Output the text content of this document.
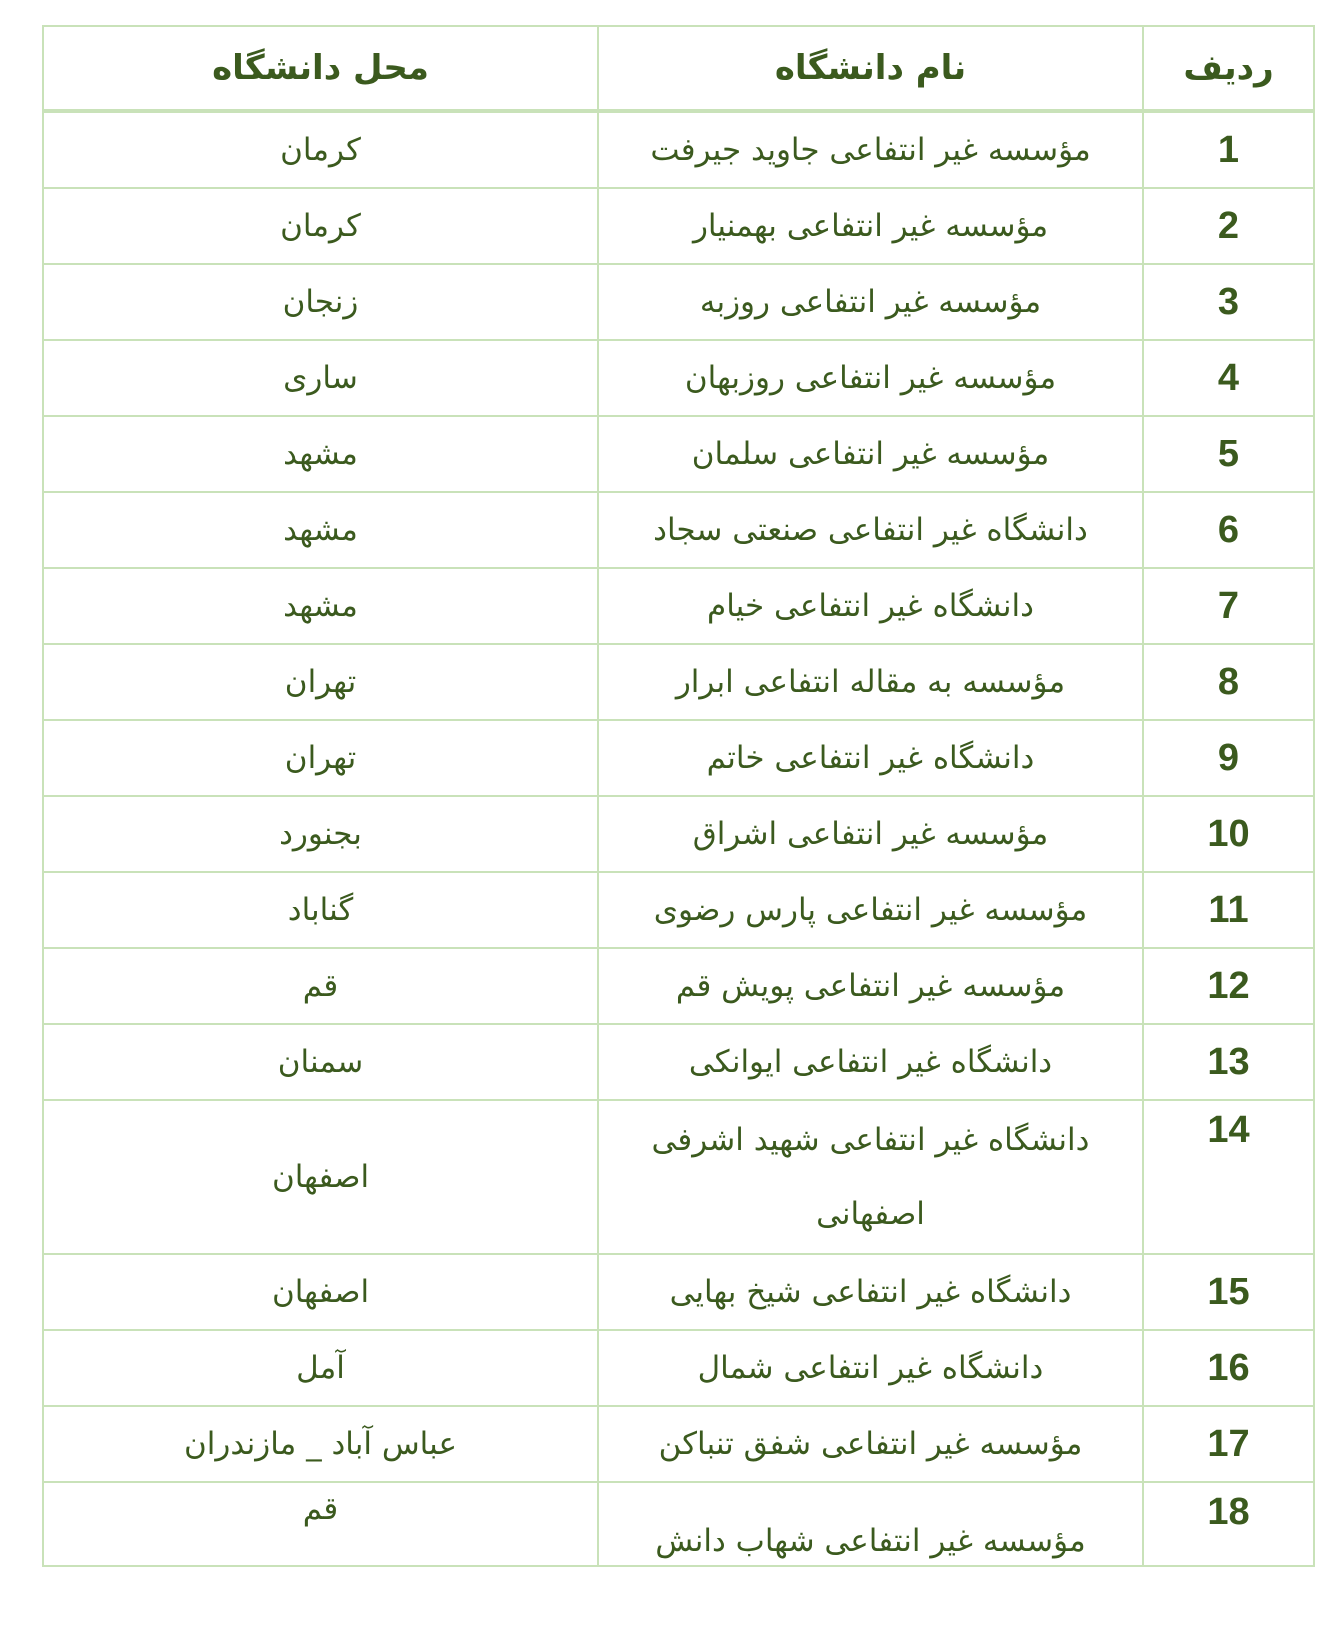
ردیف	نام دانشگاه	محل دانشگاه
1	مؤسسه غیر انتفاعی جاوید جیرفت	کرمان
2	مؤسسه غیر انتفاعی بهمنیار	کرمان
3	مؤسسه غیر انتفاعی روزبه	زنجان
4	مؤسسه غیر انتفاعی روزبهان	ساری
5	مؤسسه غیر انتفاعی سلمان	مشهد
6	دانشگاه غیر انتفاعی صنعتی سجاد	مشهد
7	دانشگاه غیر انتفاعی خیام	مشهد
8	مؤسسه به مقاله انتفاعی ابرار	تهران
9	دانشگاه غیر انتفاعی خاتم	تهران
10	مؤسسه غیر انتفاعی اشراق	بجنورد
11	مؤسسه غیر انتفاعی پارس رضوی	گناباد
12	مؤسسه غیر انتفاعی پویش قم	قم
13	دانشگاه غیر انتفاعی ایوانکی	سمنان
14	دانشگاه غیر انتفاعی شهید اشرفی اصفهانی	اصفهان
15	دانشگاه غیر انتفاعی شیخ بهایی	اصفهان
16	دانشگاه غیر انتفاعی شمال	آمل
17	مؤسسه غیر انتفاعی شفق تنباکن	عباس آباد _ مازندران
18	مؤسسه غیر انتفاعی شهاب دانش	قم
